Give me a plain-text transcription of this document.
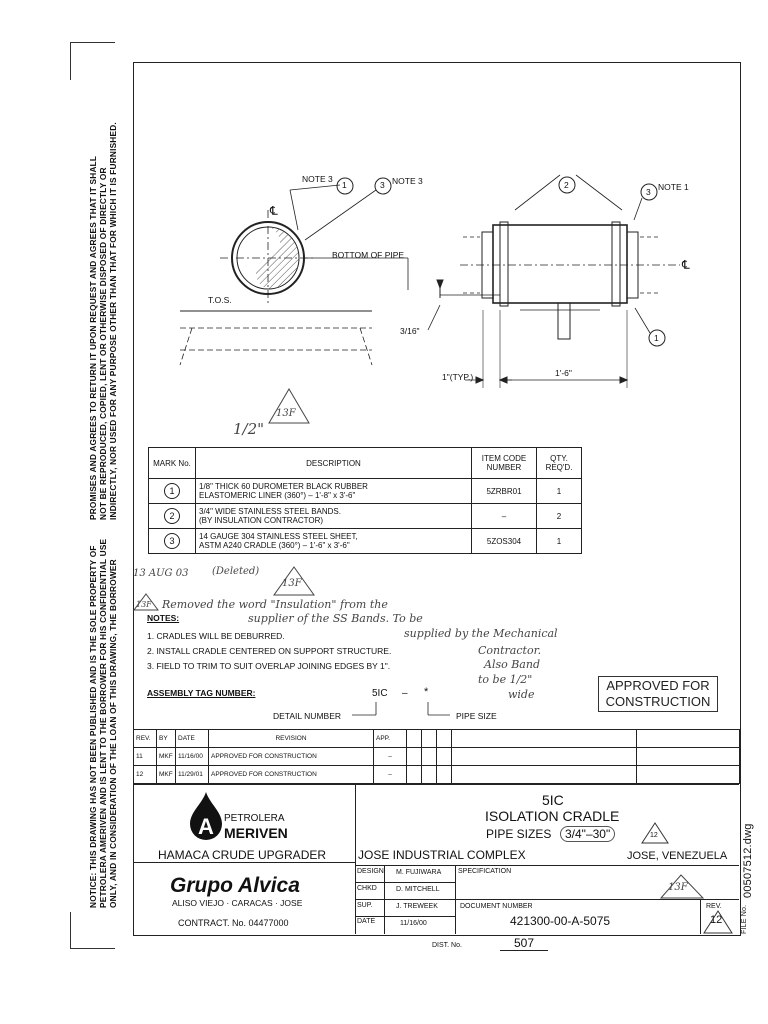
PROMISES AND AGREES TO RETURN IT UPON REQUEST AND AGREES THAT IT SHALL NOT BE REPRODUCED, COPIED, LENT OR OTHERWISE DISPOSED OF DIRECTLY OR INDIRECTLY, NOR USED FOR ANY PURPOSE OTHER THAN THAT FOR WHICH IT IS FURNISHED.
NOTICE: THIS DRAWING HAS NOT BEEN PUBLISHED AND IS THE SOLE PROPERTY OF PETROLERA AMERIVEN AND IS LENT TO THE BORROWER FOR HIS CONFIDENTIAL USE ONLY, AND IN CONSIDERATION OF THE LOAN OF THIS DRAWING, THE BORROWER
NOTE 3
1	3 NOTE 3	2
3 NOTE 1
1
℄
℄
BOTTOM OF PIPE
T.O.S.
3/16"
1"(TYP.)	1'-6"
1/2"
13F
MARK No.	DESCRIPTION	ITEM CODE NUMBER	QTY. REQ'D.
1	1/8" THICK 60 DUROMETER BLACK RUBBER
ELASTOMERIC LINER (360°) – 1'-8" x 3'-6"	5ZRBR01	1
2	3/4" WIDE STAINLESS STEEL BANDS.
(BY INSULATION CONTRACTOR)	–	2
3	14 GAUGE 304 STAINLESS STEEL SHEET,
ASTM A240 CRADLE (360°) – 1'-6" x 3'-6"	5ZOS304	1
13 AUG 03 (Deleted)
13F
13F Removed the word "Insulation" from the
supplier of the SS Bands. To be
supplied by the Mechanical
Contractor.
Also Band
to be 1/2"
wide
NOTES:
1. CRADLES WILL BE DEBURRED.
2. INSTALL CRADLE CENTERED ON SUPPORT STRUCTURE.
3. FIELD TO TRIM TO SUIT OVERLAP JOINING EDGES BY 1".
APPROVED FOR
CONSTRUCTION
ASSEMBLY TAG NUMBER:	5IC – *
DETAIL NUMBER	PIPE SIZE
REV.	BY	DATE	REVISION	APP.					
11	MKF	11/16/00	APPROVED FOR CONSTRUCTION	–					
12	MKF	11/29/01	APPROVED FOR CONSTRUCTION	–					
A PETROLERA
MERIVEN
HAMACA CRUDE UPGRADER
5IC
ISOLATION CRADLE
PIPE SIZES	3/4"–30"	12
JOSE INDUSTRIAL COMPLEX	JOSE, VENEZUELA
Grupo Alvica
ALISO VIEJO · CARACAS · JOSE
CONTRACT. No. 04477000
DESIGN M. FUJIWARA
CHKD	D. MITCHELL
SUP.	J. TREWEEK
DATE	11/16/00
SPECIFICATION
13F
DOCUMENT NUMBER
421300-00-A-5075
REV.
12
DIST. No.	507
FILE No.
00507512.dwg
